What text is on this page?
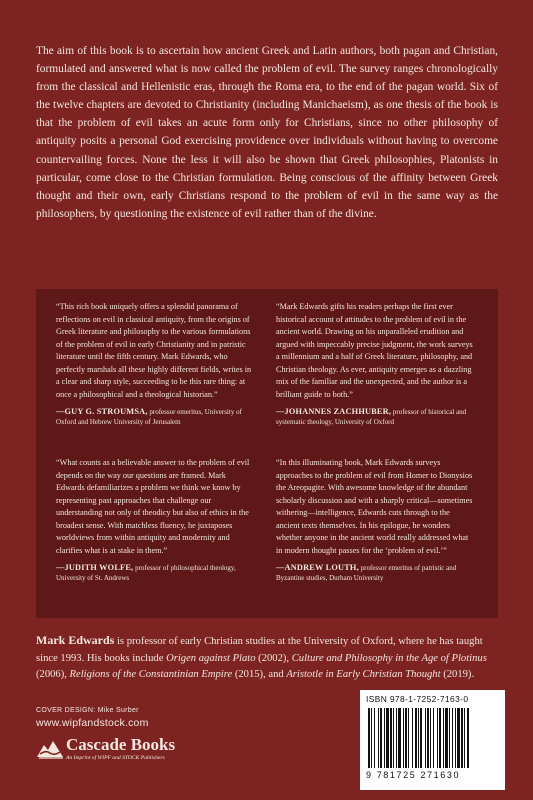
The aim of this book is to ascertain how ancient Greek and Latin authors, both pagan and Christian, formulated and answered what is now called the problem of evil. The survey ranges chronologically from the classical and Hellenistic eras, through the Roma era, to the end of the pagan world. Six of the twelve chapters are devoted to Christianity (including Manichaeism), as one thesis of the book is that the problem of evil takes an acute form only for Christians, since no other philosophy of antiquity posits a personal God exercising providence over individuals without having to overcome countervailing forces. None the less it will also be shown that Greek philosophies, Platonists in particular, come close to the Christian formulation. Being conscious of the affinity between Greek thought and their own, early Christians respond to the problem of evil in the same way as the philosophers, by questioning the existence of evil rather than of the divine.

“This rich book uniquely offers a splendid panorama of reflections on evil in classical antiquity, from the origins of Greek literature and philosophy to the various formulations of the problem of evil in early Christianity and in patristic literature until the fifth century. Mark Edwards, who perfectly marshals all these highly different fields, writes in a clear and sharp style, succeeding to be this rare thing: at once a philosophical and a theological historian.”

—GUY G. STROUMSA, professor emeritus, University of Oxford and Hebrew University of Jerusalem

“What counts as a believable answer to the problem of evil depends on the way our questions are framed. Mark Edwards defamiliarizes a problem we think we know by representing past approaches that challenge our understanding not only of theodicy but also of ethics in the broadest sense. With matchless fluency, he juxtaposes worldviews from within antiquity and modernity and clarifies what is at stake in them.”

—JUDITH WOLFE, professor of philosophical theology, University of St. Andrews

“Mark Edwards gifts his readers perhaps the first ever historical account of attitudes to the problem of evil in the ancient world. Drawing on his unparalleled erudition and argued with impeccably precise judgment, the work surveys a millennium and a half of Greek literature, philosophy, and Christian theology. As ever, antiquity emerges as a dazzling mix of the familiar and the unexpected, and the author is a brilliant guide to both.”

—JOHANNES ZACHHUBER, professor of historical and systematic theology, University of Oxford

“In this illuminating book, Mark Edwards surveys approaches to the problem of evil from Homer to Dionysios the Areopagite. With awesome knowledge of the abundant scholarly discussion and with a sharply critical—sometimes withering—intelligence, Edwards cuts through to the ancient texts themselves. In his epilogue, he wonders whether anyone in the ancient world really addressed what in modern thought passes for the ‘problem of evil.’”

—ANDREW LOUTH, professor emeritus of patristic and Byzantine studies, Durham University

Mark Edwards is professor of early Christian studies at the University of Oxford, where he has taught since 1993. His books include Origen against Plato (2002), Culture and Philosophy in the Age of Plotinus (2006), Religions of the Constantinian Empire (2015), and Aristotle in Early Christian Thought (2019).

COVER DESIGN: Mike Surber
www.wipfandstock.com
Cascade Books
An Imprint of WIPF and STOCK Publishers
ISBN 978-1-7252-7163-0
9 781725 271630
